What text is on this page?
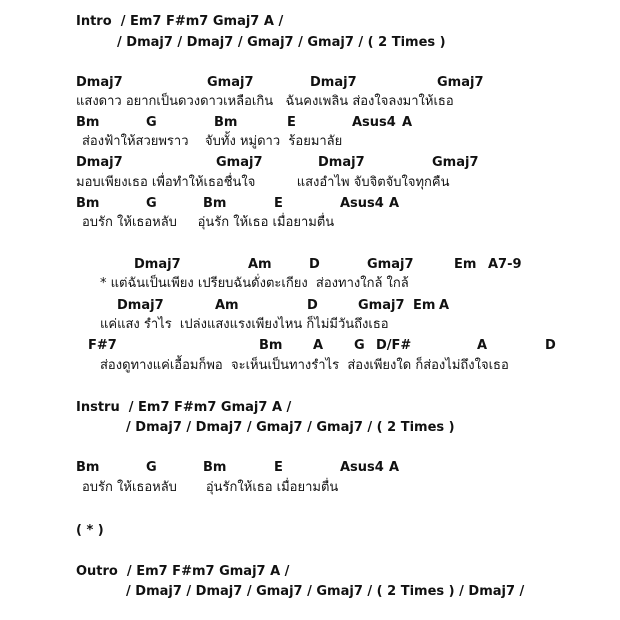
Intro  / Em7 F#m7 Gmaj7 A /
/ Dmaj7 / Dmaj7 / Gmaj7 / Gmaj7 / ( 2 Times )
Dmaj7	Gmaj7	Dmaj7	Gmaj7
แสงดาว อยากเป็นดวงดาวเหลือเกิน   ฉันคงเพลิน ส่องใจลงมาให้เธอ
Bm	G	Bm	E	Asus4 A
ส่องฟ้าให้สวยพราว    จับทั้ง หมู่ดาว  ร้อยมาลัย
Dmaj7	Gmaj7	Dmaj7	Gmaj7
มอบเพียงเธอ เพื่อทำให้เธอชื่นใจ          แสงอำไพ จับจิตจับใจทุกคืน
Bm	G	Bm	E	Asus4 A
อบรัก ให้เธอหลับ     อุ่นรัก ให้เธอ เมื่อยามตื่น
Dmaj7	Am	D	Gmaj7	Em A7-9
* แต่ฉันเป็นเพียง เปรียบฉันดั่งตะเกียง  ส่องทางใกล้ ใกล้
Dmaj7	Am	D	Gmaj7 Em A
แค่แสง รำไร  เปล่งแสงแรงเพียงไหน ก็ไม่มีวันถึงเธอ
F#7	Bm A G D/F#	A	D
ส่องดูทางแค่เอื้อมก็พอ  จะเห็นเป็นทางรำไร  ส่องเพียงใด ก็ส่องไม่ถึงใจเธอ
Instru  / Em7 F#m7 Gmaj7 A /
/ Dmaj7 / Dmaj7 / Gmaj7 / Gmaj7 / ( 2 Times )
Bm	G	Bm	E	Asus4 A
อบรัก ให้เธอหลับ       อุ่นรักให้เธอ เมื่อยามตื่น
( * )
Outro  / Em7 F#m7 Gmaj7 A /
/ Dmaj7 / Dmaj7 / Gmaj7 / Gmaj7 / ( 2 Times ) / Dmaj7 /
